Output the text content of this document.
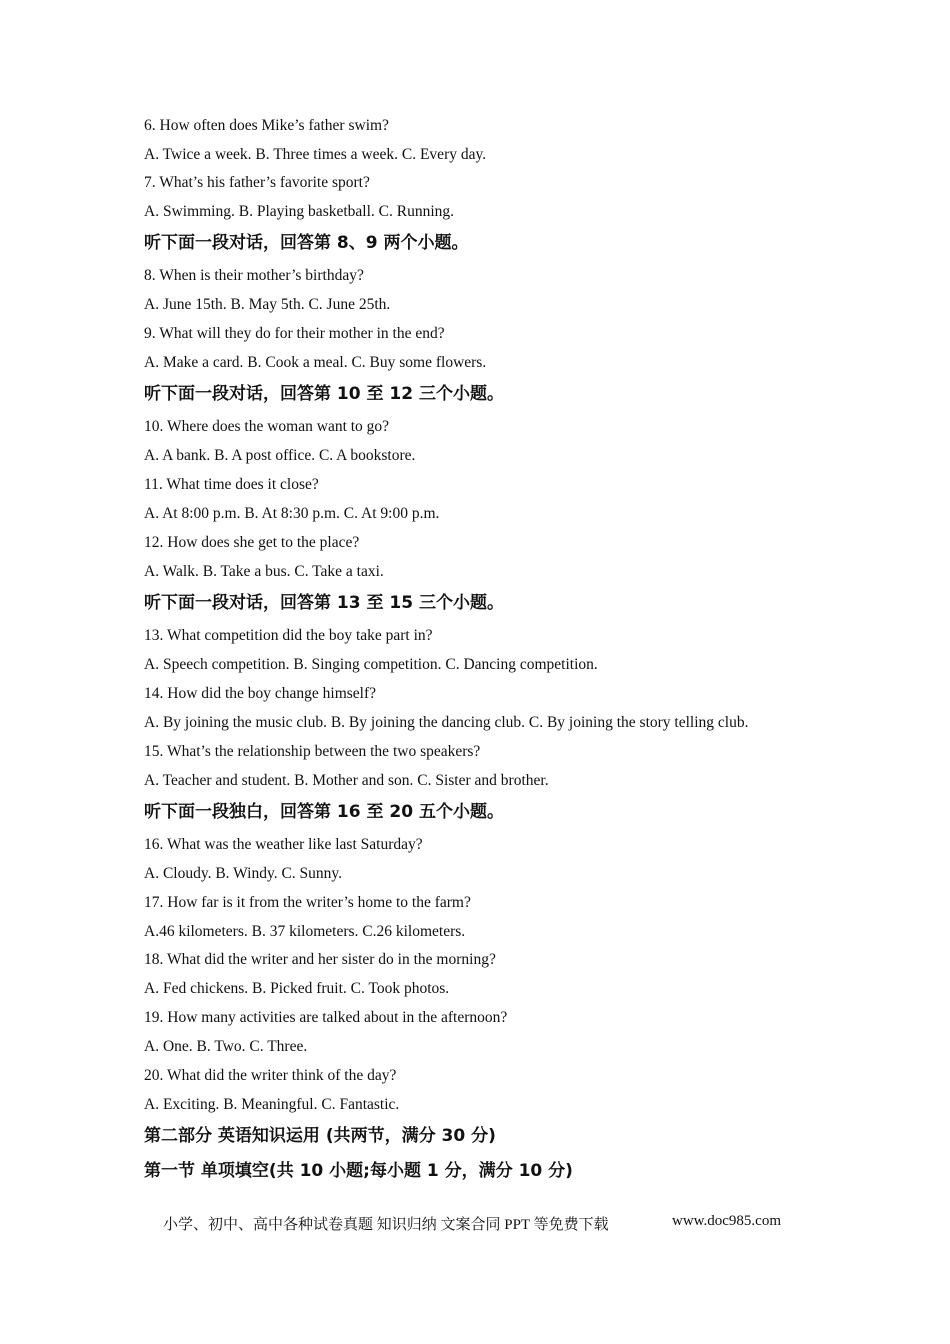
6. How often does Mike’s father swim?
A. Twice a week. B. Three times a week. C. Every day.
7. What’s his father’s favorite sport?
A. Swimming. B. Playing basketball. C. Running.
听下面一段对话，回答第 8、9 两个小题。
8. When is their mother’s birthday?
A. June 15th. B. May 5th. C. June 25th.
9. What will they do for their mother in the end?
A. Make a card. B. Cook a meal. C. Buy some flowers.
听下面一段对话，回答第 10 至 12 三个小题。
10. Where does the woman want to go?
A. A bank. B. A post office. C. A bookstore.
11. What time does it close?
A. At 8:00 p.m. B. At 8:30 p.m. C. At 9:00 p.m.
12. How does she get to the place?
A. Walk. B. Take a bus. C. Take a taxi.
听下面一段对话，回答第 13 至 15 三个小题。
13. What competition did the boy take part in?
A. Speech competition. B. Singing competition. C. Dancing competition.
14. How did the boy change himself?
A. By joining the music club. B. By joining the dancing club. C. By joining the story telling club.
15. What’s the relationship between the two speakers?
A. Teacher and student. B. Mother and son. C. Sister and brother.
听下面一段独白，回答第 16 至 20 五个小题。
16. What was the weather like last Saturday?
A. Cloudy. B. Windy. C. Sunny.
17. How far is it from the writer’s home to the farm?
A.46 kilometers. B. 37 kilometers. C.26 kilometers.
18. What did the writer and her sister do in the morning?
A. Fed chickens. B. Picked fruit. C. Took photos.
19. How many activities are talked about in the afternoon?
A. One. B. Two. C. Three.
20. What did the writer think of the day?
A. Exciting. B. Meaningful. C. Fantastic.
第二部分 英语知识运用 (共两节，满分 30 分)
第一节 单项填空(共 10 小题;每小题 1 分，满分 10 分)
小学、初中、高中各种试卷真题 知识归纳 文案合同 PPT 等免费下载	www.doc985.com
